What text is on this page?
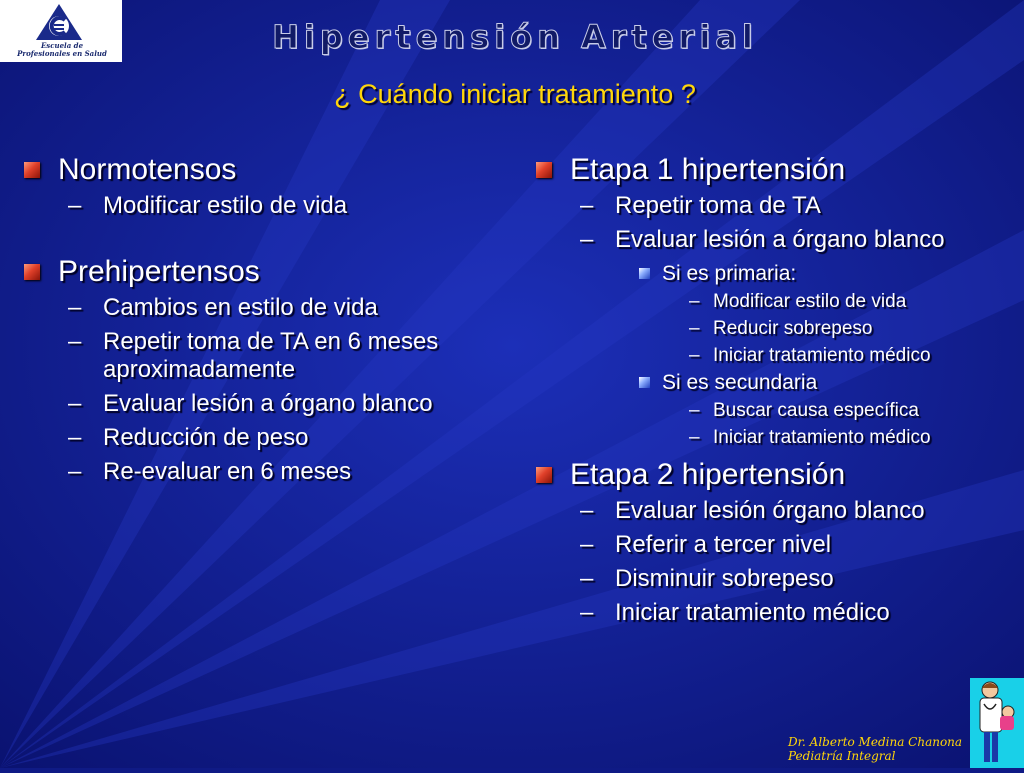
Escuela de
Profesionales en Salud	Hipertensión Arterial
¿ Cuándo iniciar tratamiento ?
Normotensos
– Modificar estilo de vida
Prehipertensos
– Cambios en estilo de vida
– Repetir toma de TA en 6 meses aproximadamente
– Evaluar lesión a órgano blanco
– Reducción de peso
– Re-evaluar en 6 meses
Etapa 1 hipertensión
– Repetir toma de TA
– Evaluar lesión a órgano blanco
Si es primaria:
– Modificar estilo de vida
– Reducir sobrepeso
– Iniciar tratamiento médico
Si es secundaria
– Buscar causa específica
– Iniciar tratamiento médico
Etapa 2 hipertensión
– Evaluar lesión órgano blanco
– Referir a tercer nivel
– Disminuir sobrepeso
– Iniciar tratamiento médico
Dr. Alberto Medina Chanona
Pediatría Integral
